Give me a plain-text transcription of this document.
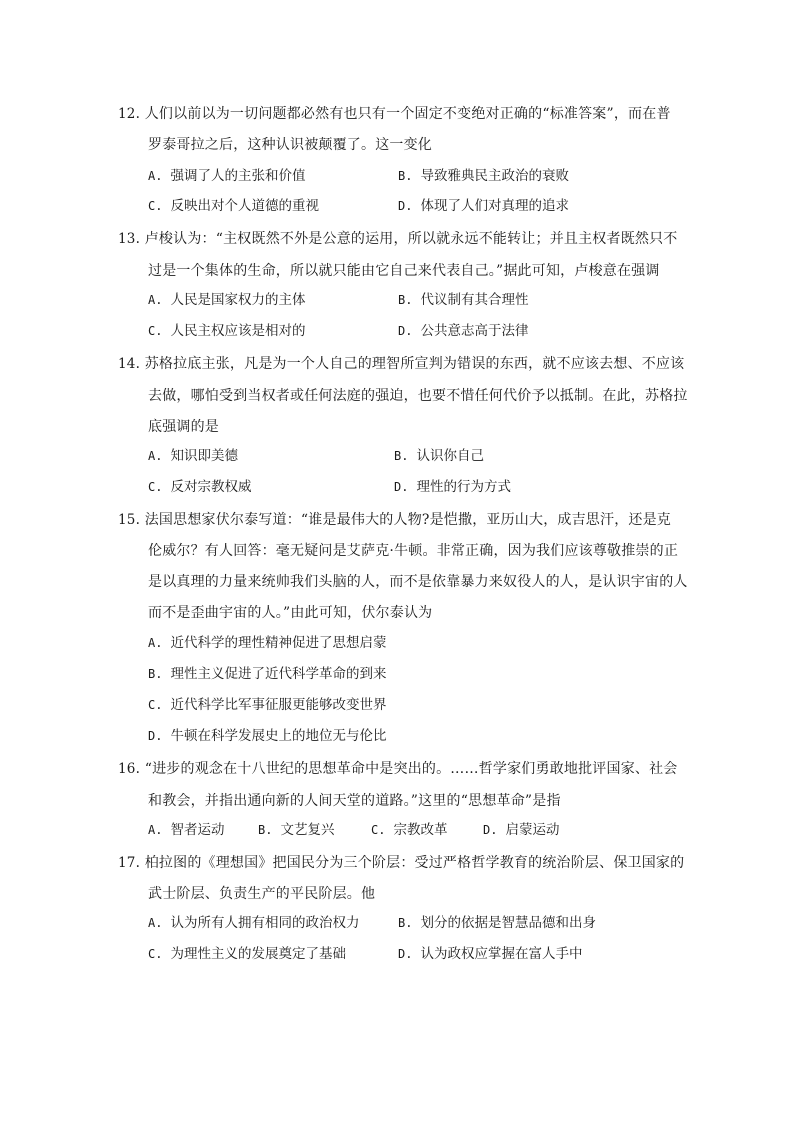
12. 人们以前以为一切问题都必然有也只有一个固定不变绝对正确的“标准答案”，而在普
罗泰哥拉之后，这种认识被颠覆了。这一变化
A. 强调了人的主张和价值	B. 导致雅典民主政治的衰败
C. 反映出对个人道德的重视	D. 体现了人们对真理的追求
13. 卢梭认为：“主权既然不外是公意的运用，所以就永远不能转让；并且主权者既然只不
过是一个集体的生命，所以就只能由它自己来代表自己。”据此可知，卢梭意在强调
A. 人民是国家权力的主体	B. 代议制有其合理性
C. 人民主权应该是相对的	D. 公共意志高于法律
14. 苏格拉底主张，凡是为一个人自己的理智所宣判为错误的东西，就不应该去想、不应该
去做，哪怕受到当权者或任何法庭的强迫，也要不惜任何代价予以抵制。在此，苏格拉
底强调的是
A. 知识即美德	B. 认识你自己
C. 反对宗教权威	D. 理性的行为方式
15. 法国思想家伏尔泰写道：“谁是最伟大的人物?是恺撒，亚历山大，成吉思汗，还是克
伦威尔？有人回答：毫无疑问是艾萨克·牛顿。非常正确，因为我们应该尊敬推崇的正
是以真理的力量来统帅我们头脑的人，而不是依靠暴力来奴役人的人，是认识宇宙的人
而不是歪曲宇宙的人。”由此可知，伏尔泰认为
A. 近代科学的理性精神促进了思想启蒙
B. 理性主义促进了近代科学革命的到来
C. 近代科学比军事征服更能够改变世界
D. 牛顿在科学发展史上的地位无与伦比
16. “进步的观念在十八世纪的思想革命中是突出的。……哲学家们勇敢地批评国家、社会
和教会，并指出通向新的人间天堂的道路。”这里的“思想革命”是指
A. 智者运动	B. 文艺复兴	C. 宗教改革	D. 启蒙运动
17. 柏拉图的《理想国》把国民分为三个阶层：受过严格哲学教育的统治阶层、保卫国家的
武士阶层、负责生产的平民阶层。他
A. 认为所有人拥有相同的政治权力	B. 划分的依据是智慧品德和出身
C. 为理性主义的发展奠定了基础	D. 认为政权应掌握在富人手中
